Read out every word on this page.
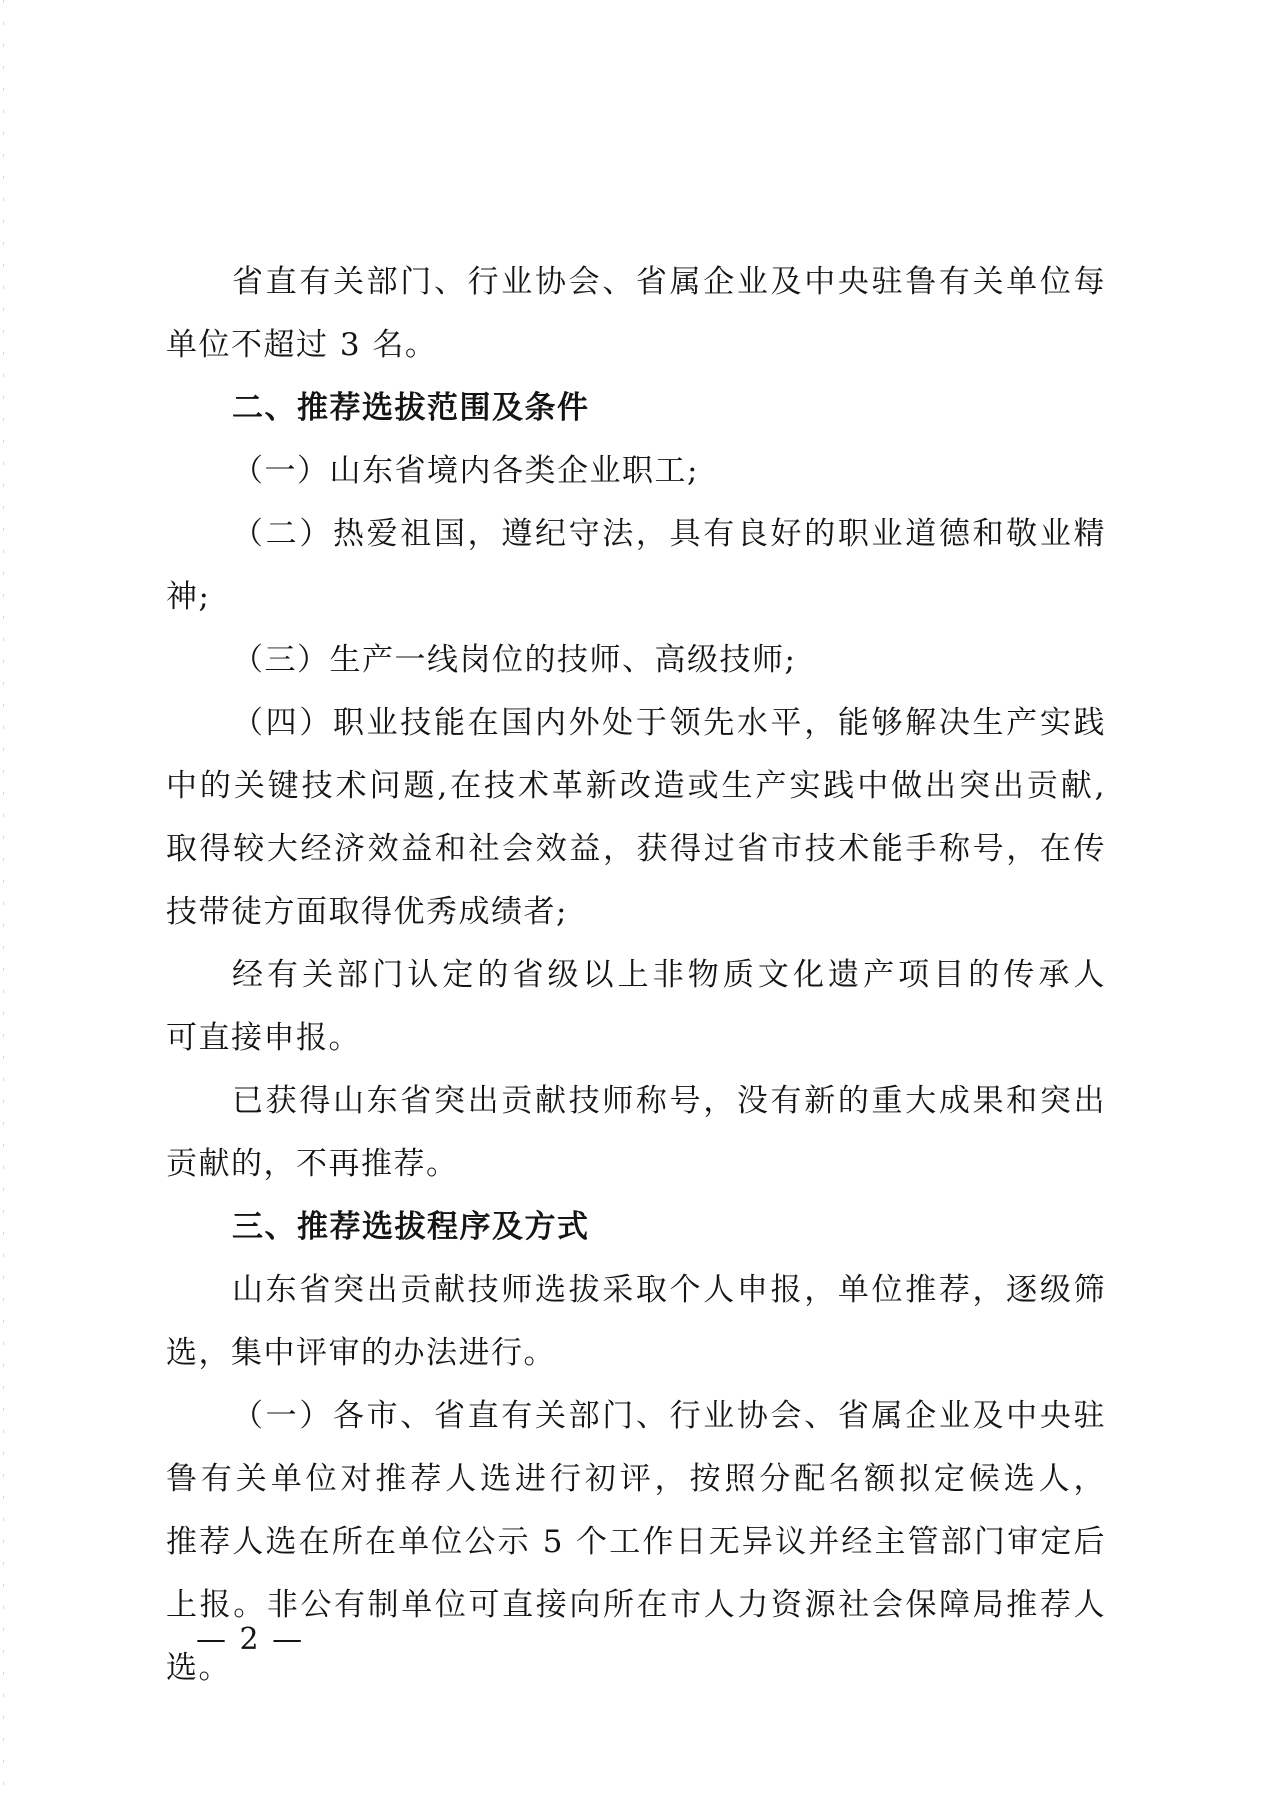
省直有关部门、行业协会、省属企业及中央驻鲁有关单位每
单位不超过 3 名。
二、推荐选拔范围及条件
（一）山东省境内各类企业职工;
（二）热爱祖国，遵纪守法，具有良好的职业道德和敬业精
神;
（三）生产一线岗位的技师、高级技师;
（四）职业技能在国内外处于领先水平，能够解决生产实践
中的关键技术问题,在技术革新改造或生产实践中做出突出贡献,
取得较大经济效益和社会效益，获得过省市技术能手称号，在传
技带徒方面取得优秀成绩者;
经有关部门认定的省级以上非物质文化遗产项目的传承人
可直接申报。
已获得山东省突出贡献技师称号，没有新的重大成果和突出
贡献的，不再推荐。
三、推荐选拔程序及方式
山东省突出贡献技师选拔采取个人申报，单位推荐，逐级筛
选，集中评审的办法进行。
（一）各市、省直有关部门、行业协会、省属企业及中央驻
鲁有关单位对推荐人选进行初评，按照分配名额拟定候选人，
推荐人选在所在单位公示 5 个工作日无异议并经主管部门审定后
上报。非公有制单位可直接向所在市人力资源社会保障局推荐人
选。
— 2 —
